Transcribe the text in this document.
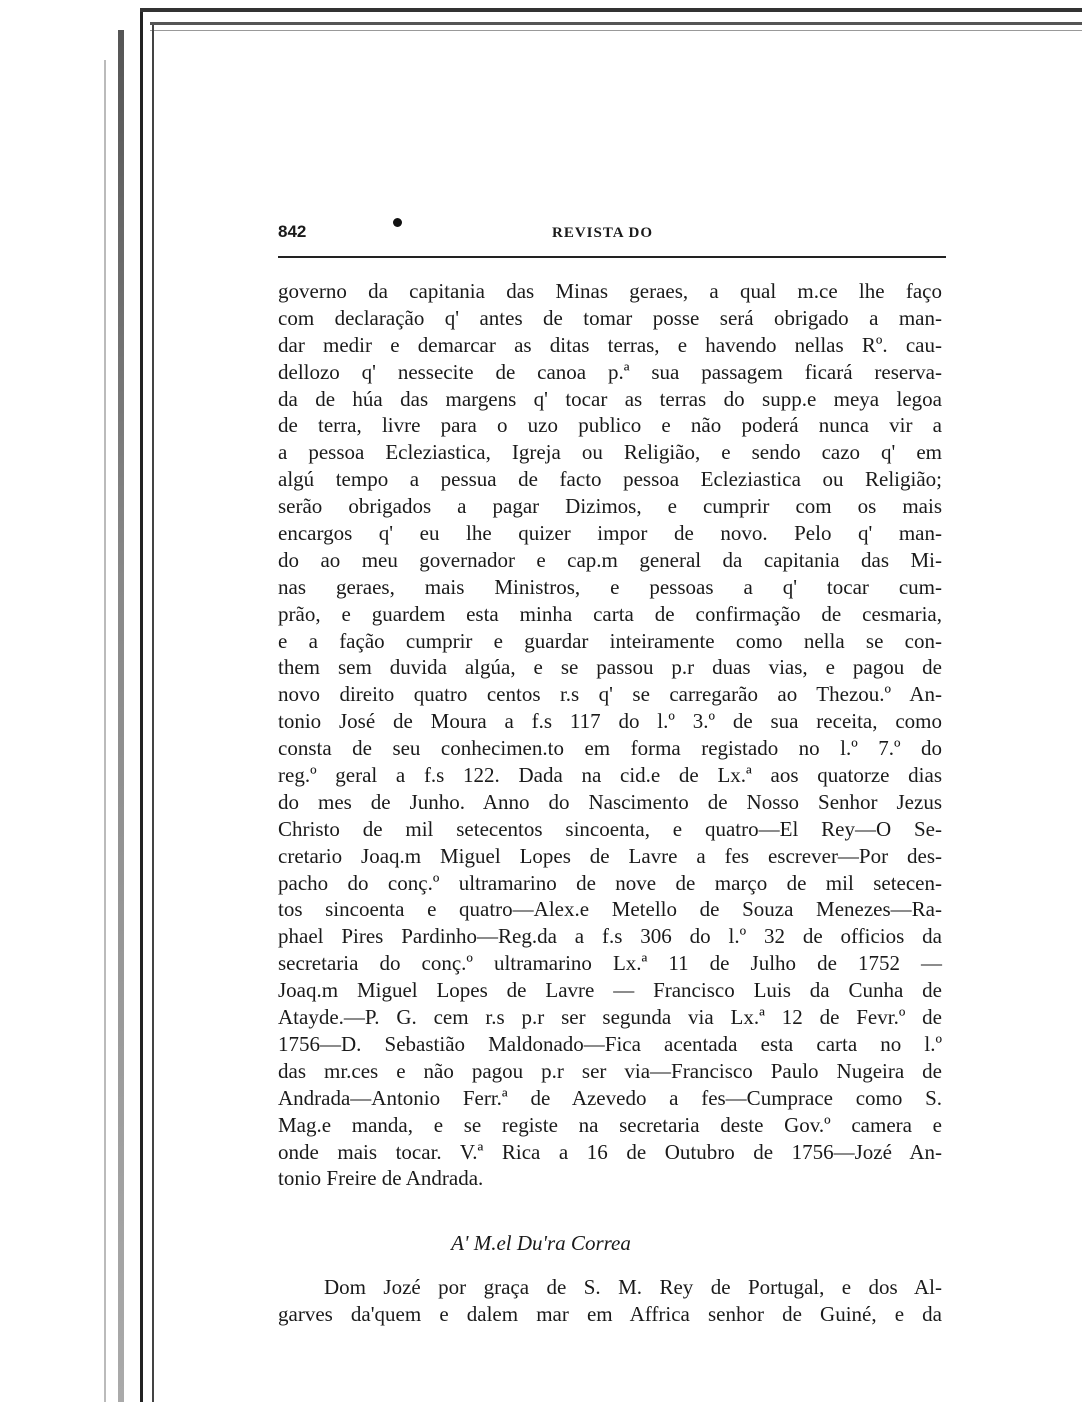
842	REVISTA DO
governo da capitania das Minas geraes, a qual m.ce lhe faço
com declaração q' antes de tomar posse será obrigado a man-
dar medir e demarcar as ditas terras, e havendo nellas Rº. cau-
dellozo q' nessecite de canoa p.ª sua passagem ficará reserva-
da de húa das margens q' tocar as terras do supp.e meya legoa
de terra, livre para o uzo publico e não poderá nunca vir a
a pessoa Ecleziastica, Igreja ou Religião, e sendo cazo q' em
algú tempo a pessua de facto pessoa Ecleziastica ou Religião;
serão obrigados a pagar Dizimos, e cumprir com os mais
encargos q' eu lhe quizer impor de novo. Pelo q' man-
do ao meu governador e cap.m general da capitania das Mi-
nas geraes, mais Ministros, e pessoas a q' tocar cum-
prão, e guardem esta minha carta de confirmação de cesmaria,
e a fação cumprir e guardar inteiramente como nella se con-
them sem duvida algúa, e se passou p.r duas vias, e pagou de
novo direito quatro centos r.s q' se carregarão ao Thezou.º An-
tonio José de Moura a f.s 117 do l.º 3.º de sua receita, como
consta de seu conhecimen.to em forma registado no l.º 7.º do
reg.º geral a f.s 122. Dada na cid.e de Lx.ª aos quatorze dias
do mes de Junho. Anno do Nascimento de Nosso Senhor Jezus
Christo de mil setecentos sincoenta, e quatro—El Rey—O Se-
cretario Joaq.m Miguel Lopes de Lavre a fes escrever—Por des-
pacho do conç.º ultramarino de nove de março de mil setecen-
tos sincoenta e quatro—Alex.e Metello de Souza Menezes—Ra-
phael Pires Pardinho—Reg.da a f.s 306 do l.º 32 de officios da
secretaria do conç.º ultramarino Lx.ª 11 de Julho de 1752 —
Joaq.m Miguel Lopes de Lavre — Francisco Luis da Cunha de
Atayde.—P. G. cem r.s p.r ser segunda via Lx.ª 12 de Fevr.º de
1756—D. Sebastião Maldonado—Fica acentada esta carta no l.º
das mr.ces e não pagou p.r ser via—Francisco Paulo Nugeira de
Andrada—Antonio Ferr.ª de Azevedo a fes—Cumprace como S.
Mag.e manda, e se registe na secretaria deste Gov.º camera e
onde mais tocar. V.ª Rica a 16 de Outubro de 1756—Jozé An-
tonio Freire de Andrada.
A' M.el Du'ra Correa
Dom Jozé por graça de S. M. Rey de Portugal, e dos Al-
garves da'quem e dalem mar em Affrica senhor de Guiné, e da
